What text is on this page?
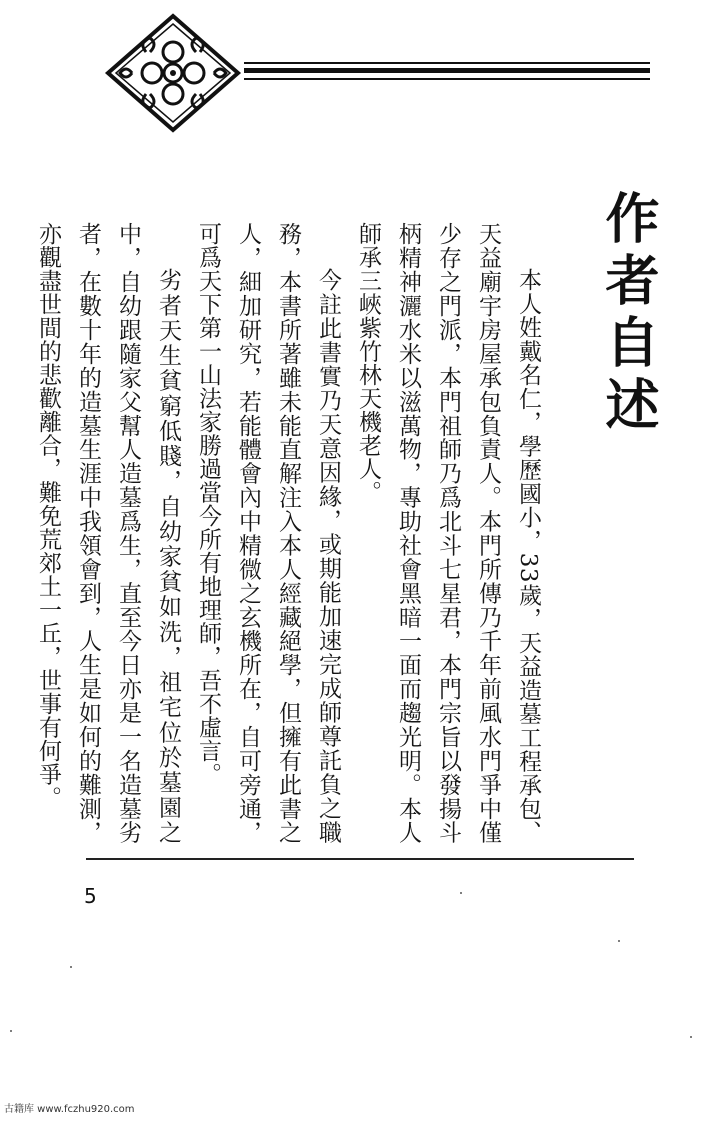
作者自述

本人姓戴名仁，學歷國小，33歲，天益造墓工程承包、天益廟宇房屋承包負責人。本門所傳乃千年前風水門爭中僅少存之門派，本門祖師乃爲北斗七星君，本門宗旨以發揚斗柄精神灑水米以滋萬物，專助社會黑暗一面而趨光明。本人師承三峽紫竹林天機老人。

今註此書實乃天意因緣，或期能加速完成師尊託負之職務，本書所著雖未能直解注入本人經藏絕學，但擁有此書之人，細加研究，若能體會內中精微之玄機所在，自可旁通，可爲天下第一山法家勝過當今所有地理師，吾不虛言。

劣者天生貧窮低賤，自幼家貧如洗，祖宅位於墓園之中，自幼跟隨家父幫人造墓爲生，直至今日亦是一名造墓劣者，在數十年的造墓生涯中我領會到，人生是如何的難測，亦觀盡世間的悲歡離合，難免荒郊土一丘，世事有何爭。

5
古籍库 www.fczhu920.com
